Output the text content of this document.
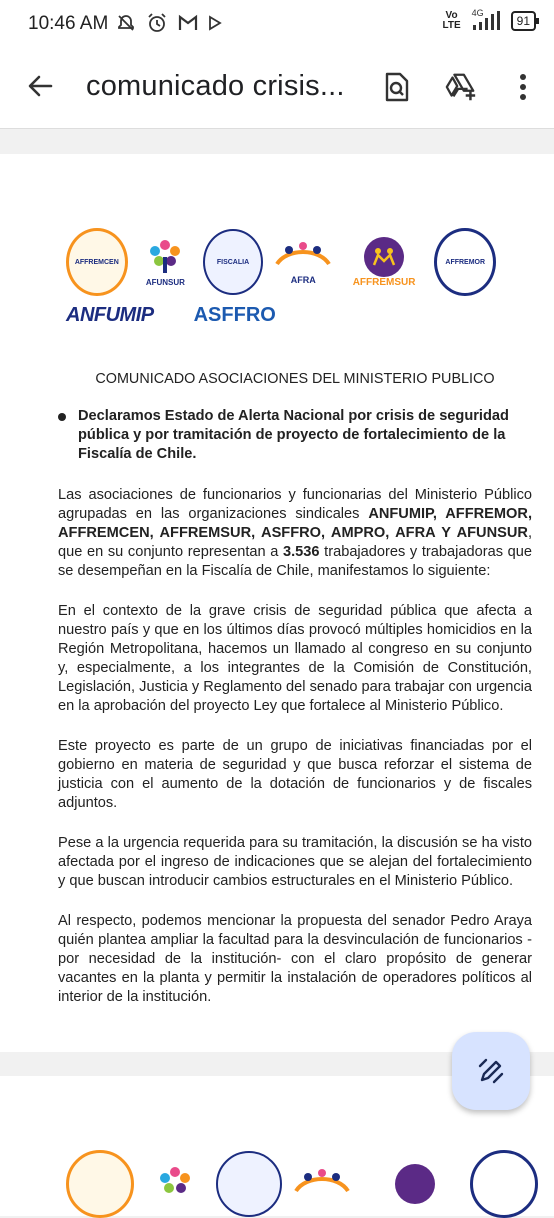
10:46 AM	Vo
LTE
4G
91
comunicado crisis...
AFFREMCEN
AFUNSUR
FISCALIA
AFRA	AFFREMSUR
AFFREMOR
ANFUMIP ASFFRO

COMUNICADO ASOCIACIONES DEL MINISTERIO PUBLICO

Declaramos Estado de Alerta Nacional por crisis de seguridad pública y por tramitación de proyecto de fortalecimiento de la Fiscalía de Chile.

Las asociaciones de funcionarios y funcionarias del Ministerio Público agrupadas en las organizaciones sindicales ANFUMIP, AFFREMOR, AFFREMCEN, AFFREMSUR, ASFFRO, AMPRO, AFRA Y AFUNSUR, que en su conjunto representan a 3.536 trabajadores y trabajadoras que se desempeñan en la Fiscalía de Chile, manifestamos lo siguiente:

En el contexto de la grave crisis de seguridad pública que afecta a nuestro país y que en los últimos días provocó múltiples homicidios en la Región Metropolitana, hacemos un llamado al congreso en su conjunto y, especialmente, a los integrantes de la Comisión de Constitución, Legislación, Justicia y Reglamento del senado para trabajar con urgencia en la aprobación del proyecto Ley que fortalece al Ministerio Público.

Este proyecto es parte de un grupo de iniciativas financiadas por el gobierno en materia de seguridad y que busca reforzar el sistema de justicia con el aumento de la dotación de funcionarios y de fiscales adjuntos.

Pese a la urgencia requerida para su tramitación, la discusión se ha visto afectada por el ingreso de indicaciones que se alejan del fortalecimiento y que buscan introducir cambios estructurales en el Ministerio Público.

Al respecto, podemos mencionar la propuesta del senador Pedro Araya quién plantea ampliar la facultad para la desvinculación de funcionarios -por necesidad de la institución- con el claro propósito de generar vacantes en la planta y permitir la instalación de operadores políticos al interior de la institución.
